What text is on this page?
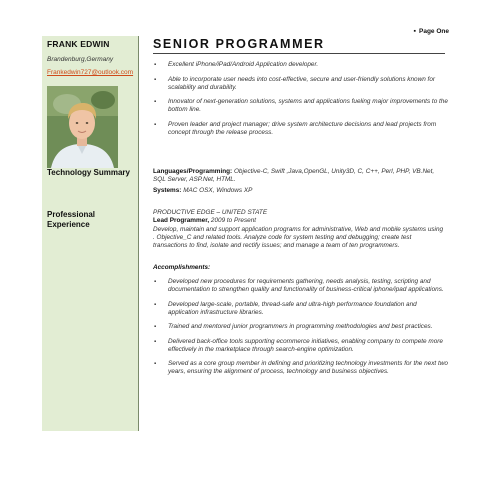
FRANK EDWIN
Brandenburg,Germany
Frankedwin727@outlook.com
Technology Summary
Professional Experience
▪ Page One
SENIOR PROGRAMMER
▪ Excellent iPhone/iPad/Android Application developer.
▪ Able to incorporate user needs into cost-effective, secure and user-friendly solutions known for scalability and durability.
▪ Innovator of next-generation solutions, systems and applications fueling major improvements to the bottom line.
▪ Proven leader and project manager; drive system architecture decisions and lead projects from concept through the release process.
Languages/Programming: Objective-C, Swift ,Java,OpenGL, Unity3D, C, C++, Perl, PHP, VB.Net, SQL Server, ASP.Net, HTML.
Systems: MAC OSX, Windows XP
PRODUCTIVE EDGE – UNITED STATE
Lead Programmer, 2009 to Present
Develop, maintain and support application programs for administrative, Web and mobile systems using . Objective_C and related tools. Analyze code for system testing and debugging; create test transactions to find, isolate and rectify issues; and manage a team of ten programmers.
Accomplishments:
▪ Developed new procedures for requirements gathering, needs analysis, testing, scripting and documentation to strengthen quality and functionality of business-critical iphone/ipad applications.
▪ Developed large-scale, portable, thread-safe and ultra-high performance foundation and application infrastructure libraries.
▪ Trained and mentored junior programmers in programming methodologies and best practices.
▪ Delivered back-office tools supporting ecommerce initiatives, enabling company to compete more effectively in the marketplace through search-engine optimization.
▪ Served as a core group member in defining and prioritizing technology investments for the next two years, ensuring the alignment of process, technology and business objectives.
